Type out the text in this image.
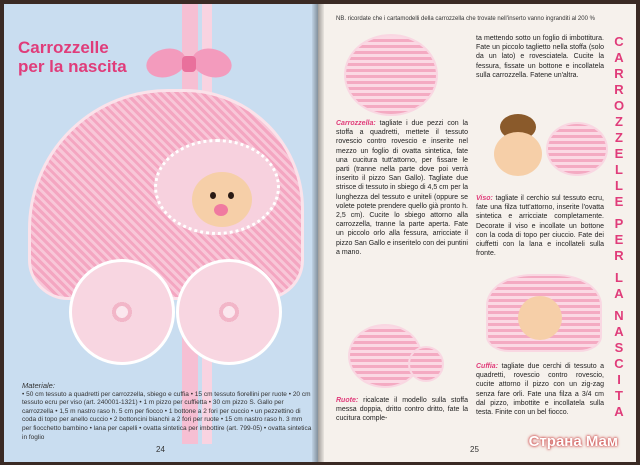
Carrozzelle
per la nascita
Materiale:
• 50 cm tessuto a quadretti per carrozzella, sbiego e cuffia • 15 cm tessuto fiorellini per ruote • 20 cm tessuto ecru per viso (art. 240001-1321) • 1 m pizzo per cuffietta • 30 cm pizzo S. Gallo per carrozzella • 1,5 m nastro raso h. 5 cm per fiocco • 1 bottone a 2 fori per cuccio • un pezzettino di coda di topo per anello cuccio • 2 bottoncini bianchi a 2 fori per ruote • 15 cm nastro raso h. 3 mm per fiocchetto bambino • lana per capelli • ovatta sintetica per imbottire (art. 799-05) • ovatta sintetica in foglio
24
NB. ricordate che i cartamodelli della carrozzella che trovate nell'inserto vanno ingranditi al 200 %

Carrozzella: tagliate i due pezzi con la stoffa a quadretti, mettete il tessuto rovescio contro rovescio e inserite nel mezzo un foglio di ovatta sintetica, fate una cucitura tutt'attorno, per fissare le parti (tranne nella parte dove poi verrà inserito il pizzo San Gallo). Tagliate due strisce di tessuto in sbiego di 4,5 cm per la lunghezza del tessuto e uniteli (oppure se volete potete prendere quello già pronto h. 2,5 cm). Cucite lo sbiego attorno alla carrozzella, tranne la parte aperta. Fate un piccolo orlo alla fessura, arricciate il pizzo San Gallo e inseritelo con dei puntini a mano.

Ruote: ricalcate il modello sulla stoffa messa doppia, dritto contro dritto, fate la cucitura comple-

ta mettendo sotto un foglio di imbottitura. Fate un piccolo taglietto nella stoffa (solo da un lato) e rovesciatela. Cucite la fessura, fissate un bottone e incollatela sulla carrozzella. Fatene un'altra.

Viso: tagliate il cerchio sul tessuto ecru, fate una filza tutt'attorno, inserite l'ovatta sintetica e arricciate completamente. Decorate il viso e incollate un bottone con la coda di topo per ciuccio. Fate dei ciuffetti con la lana e incollateli sulla fronte.

Cuffia: tagliate due cerchi di tessuto a quadretti, rovescio contro rovescio, cucite attorno il pizzo con un zig-zag senza fare orli. Fate una filza a 3/4 cm dal pizzo, imbottite e incollatela sulla testa. Finite con un bel fiocco.

C
A
R
R
O
Z
Z
E
L
L
E
P
E
R
L
A
N
A
S
C
I
T
A
25	Страна Мам
